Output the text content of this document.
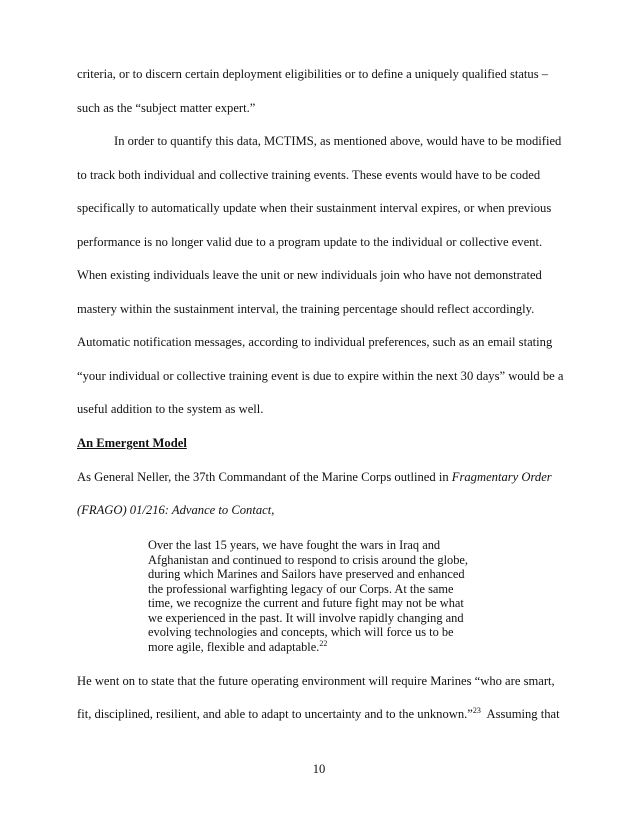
criteria, or to discern certain deployment eligibilities or to define a uniquely qualified status –
such as the “subject matter expert.”
In order to quantify this data, MCTIMS, as mentioned above, would have to be modified
to track both individual and collective training events. These events would have to be coded
specifically to automatically update when their sustainment interval expires, or when previous
performance is no longer valid due to a program update to the individual or collective event.
When existing individuals leave the unit or new individuals join who have not demonstrated
mastery within the sustainment interval, the training percentage should reflect accordingly.
Automatic notification messages, according to individual preferences, such as an email stating
“your individual or collective training event is due to expire within the next 30 days” would be a
useful addition to the system as well.
An Emergent Model
As General Neller, the 37th Commandant of the Marine Corps outlined in Fragmentary Order
(FRAGO) 01/216: Advance to Contact,
Over the last 15 years, we have fought the wars in Iraq and
Afghanistan and continued to respond to crisis around the globe,
during which Marines and Sailors have preserved and enhanced
the professional warfighting legacy of our Corps. At the same
time, we recognize the current and future fight may not be what
we experienced in the past. It will involve rapidly changing and
evolving technologies and concepts, which will force us to be
more agile, flexible and adaptable.$^{22}$
He went on to state that the future operating environment will require Marines “who are smart,
fit, disciplined, resilient, and able to adapt to uncertainty and to the unknown.”$^{23}$  Assuming that
10
